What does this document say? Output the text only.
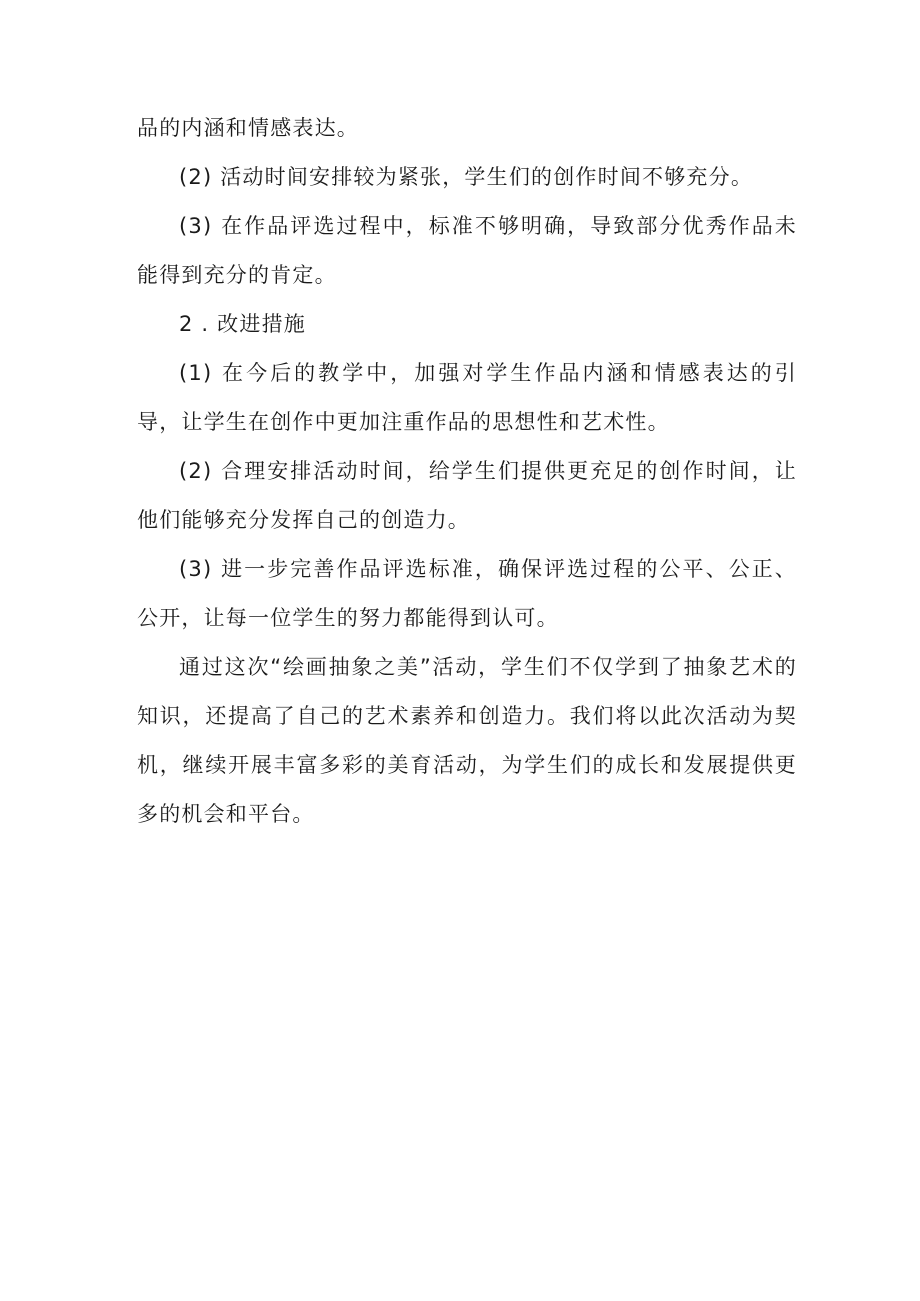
品的内涵和情感表达。

(2) 活动时间安排较为紧张，学生们的创作时间不够充分。

(3) 在作品评选过程中，标准不够明确，导致部分优秀作品未能得到充分的肯定。

2 . 改进措施

(1) 在今后的教学中，加强对学生作品内涵和情感表达的引导，让学生在创作中更加注重作品的思想性和艺术性。

(2) 合理安排活动时间，给学生们提供更充足的创作时间，让他们能够充分发挥自己的创造力。

(3) 进一步完善作品评选标准，确保评选过程的公平、公正、公开，让每一位学生的努力都能得到认可。

通过这次“绘画抽象之美”活动，学生们不仅学到了抽象艺术的知识，还提高了自己的艺术素养和创造力。我们将以此次活动为契机，继续开展丰富多彩的美育活动，为学生们的成长和发展提供更多的机会和平台。
